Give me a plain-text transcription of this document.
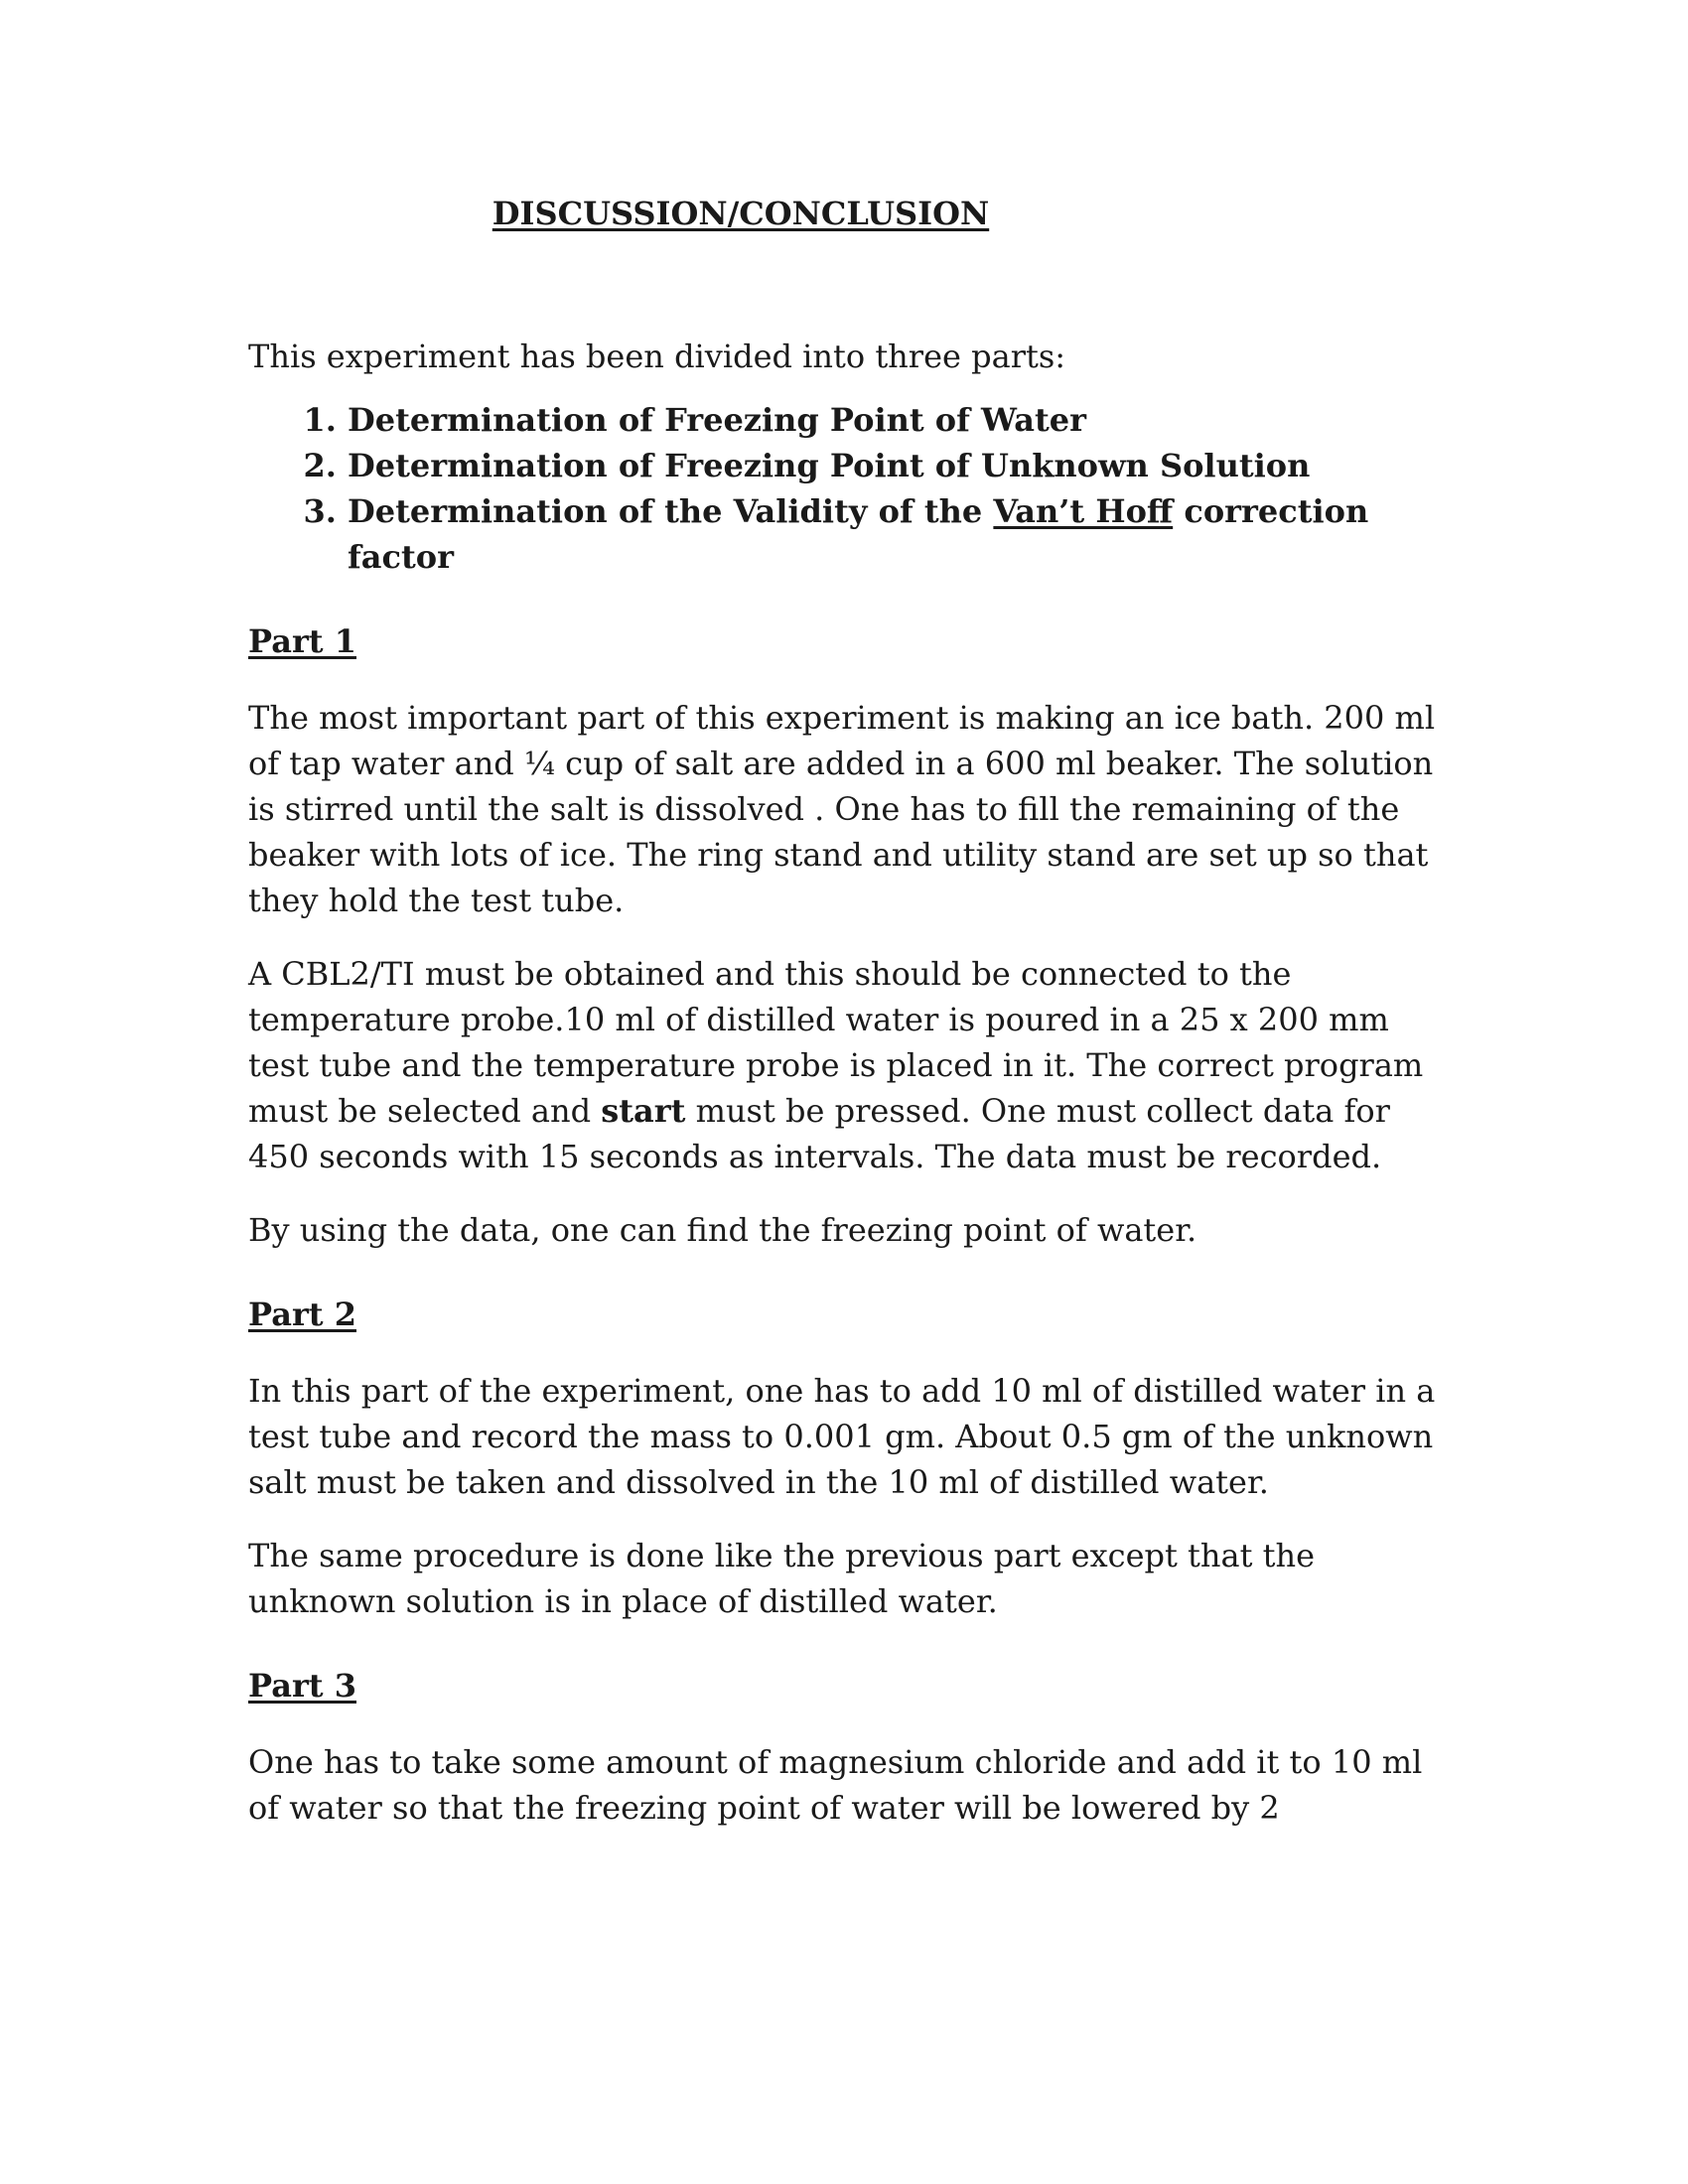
DISCUSSION/CONCLUSION
This experiment has been divided into three parts:
1. Determination of Freezing Point of Water
2. Determination of Freezing Point of Unknown Solution
3. Determination of the Validity of the Van’t Hoff correction factor
Part 1

The most important part of this experiment is making an ice bath. 200 ml of tap water and ¼ cup of salt are added in a 600 ml beaker. The solution is stirred until the salt is dissolved . One has to fill the remaining of the beaker with lots of ice. The ring stand and utility stand are set up so that they hold the test tube.

A CBL2/TI must be obtained and this should be connected to the temperature probe.10 ml of distilled water is poured in a 25 x 200 mm test tube and the temperature probe is placed in it. The correct program must be selected and start must be pressed. One must collect data for 450 seconds with 15 seconds as intervals. The data must be recorded.

By using the data, one can find the freezing point of water.

Part 2

In this part of the experiment, one has to add 10 ml of distilled water in a test tube and record the mass to 0.001 gm. About 0.5 gm of the unknown salt must be taken and dissolved in the 10 ml of distilled water.

The same procedure is done like the previous part except that the unknown solution is in place of distilled water.

Part 3

One has to take some amount of magnesium chloride and add it to 10 ml of water so that the freezing point of water will be lowered by 2
